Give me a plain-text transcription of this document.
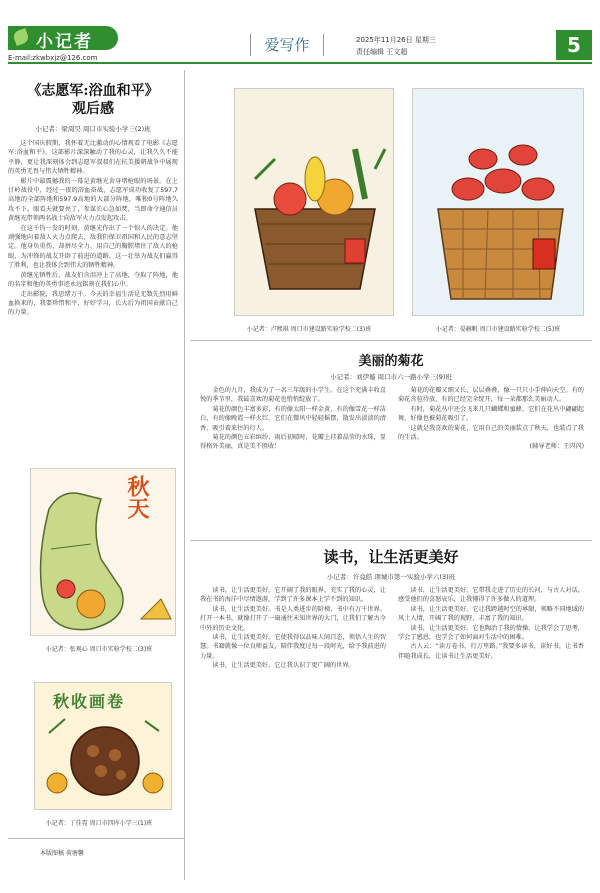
小记者
E-mail:zkwbxjz@126.com
爱写作	2025年11月26日 星期三
责任编辑 王文超	5
《志愿军:浴血和平》
观后感
小记者：梁周昊 周口市实验小学三(2)班

这个国庆假期，我怀着无比激动的心情观看了电影《志愿军:浴血和平》。这部影片深深触动了我的心灵，让我久久不能平静，更让我深刻体会到志愿军叔叔们在抗美援朝战争中展现的英勇无畏与伟大牺牲精神。

影片中最震撼我的一幕是黄继光舍身堵枪眼的场景。在上甘岭战役中，经过一夜的浴血奋战，志愿军成功收复了597.7高地的全部阵地和597.9高地的大部分阵地，唯独0号阵地久攻不下。眼看天就要亮了，参谋长心急如焚，当即命令通信员黄继光带领两名战士向敌军火力点发起攻击。

在这千钧一发的时刻，黄继光作出了一个惊人的决定。他顽强地向着敌人火力点爬去，敌我们保卫祖国和人民的意志坚定。他身负重伤，却拼尽全力，用自己的胸膛堵住了敌人的枪眼，为冲锋的战友开辟了前进的道路。这一壮举为战友们赢得了胜利，也让我体会到伟大的牺牲精神。

黄继光牺牲后，战友们含泪冲上了高地，夺取了阵地，他的名字和他的英勇事迹永远铭刻在我们心中。

走出影院，我思绪万千。今天的幸福生活是无数先烈用鲜血换来的，我要珍惜和平，好好学习，长大后为祖国贡献自己的力量。

秋天
小记者：张观心 周口市实验学校二(3)班
秋收画卷
小记者：丁佳霓 周口市四库小学三(1)班
本版图稿 荷塘馨
小记者：卢熙琪 周口市建设路实验学校二(3)班	小记者：晏赫帆 周口市建设路实验学校二(5)班
美丽的菊花
小记者：刘伊璇 周口市六一路小学三(9)班

金色的九月，我成为了一名三年级的小学生。在这个充满丰收喜悦的季节里，我最喜欢的菊花也悄悄绽放了。

菊花的颜色丰富多彩，有的像太阳一样金黄，有的像雪花一样洁白，有的像晚霞一样火红。它们在微风中轻轻摇摆，散发出淡淡的清香，吸引着来往的行人。

菊花的颜色五彩缤纷，雨后初晴时，花瓣上挂着晶莹的水珠，显得格外美丽，真是美不胜收！

菊花的花瓣又细又长，层层叠叠，像一只只小手伸向天空。有的菊花含苞待放，有的已经完全绽开，每一朵都那么美丽动人。

有时，菊花丛中还会飞来几只蝴蝶和蜜蜂，它们在花丛中翩翩起舞，好像也被菊花吸引了。

这就是我喜欢的菊花，它用自己的美丽装点了秋天，也装点了我的生活。

(辅导老师：王闪闪)

读书，让生活更美好
小记者：许竟皓 项城市第一实验小学六(3)班

读书，让生活更美好。它开阔了我的眼界，充实了我的心灵，让我在书的海洋中尽情遨游，学到了许多课本上学不到的知识。

读书，让生活更美好。书是人类进步的阶梯，书中有万千世界。打开一本书，就像打开了一扇通往未知世界的大门，让我们了解古今中外的历史文化。

读书，让生活更美好。它使我得以品味人间百态，领悟人生的智慧。书籍就像一位良师益友，陪伴我度过每一段时光，给予我前进的力量。

读书，让生活更美好。它让我认识了更广阔的世界。

读书，让生活更美好。它带我走进了历史的长河，与古人对话，感受他们的喜怒哀乐，让我懂得了许多做人的道理。

读书，让生活更美好。它让我跨越时空的界限，领略不同地域的风土人情，开阔了我的视野，丰富了我的知识。

读书，让生活更美好。它也陶冶了我的情操，让我学会了思考，学会了感恩，也学会了如何面对生活中的困难。

古人云：“读万卷书，行万里路。”我要多读书，读好书，让书香伴随我成长，让读书让生活更美好。
